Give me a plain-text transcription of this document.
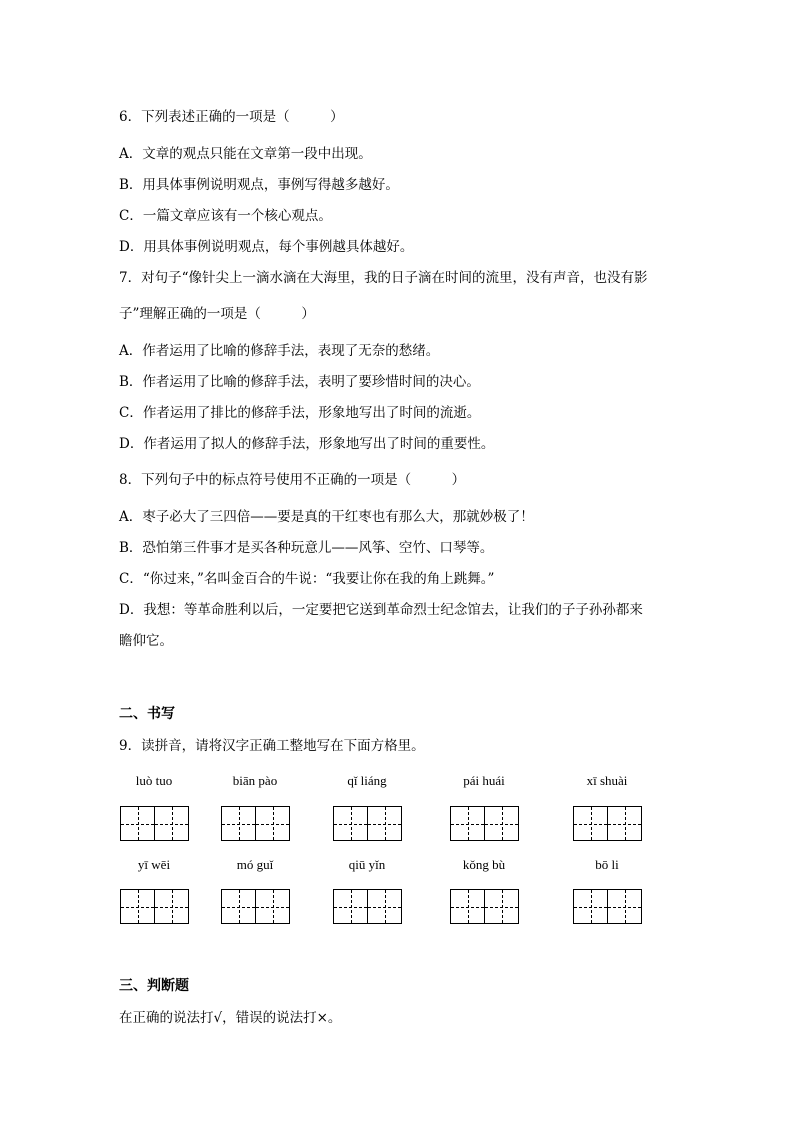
6．下列表述正确的一项是（　　　）
A．文章的观点只能在文章第一段中出现。
B．用具体事例说明观点，事例写得越多越好。
C．一篇文章应该有一个核心观点。
D．用具体事例说明观点，每个事例越具体越好。
7．对句子“像针尖上一滴水滴在大海里，我的日子滴在时间的流里，没有声音，也没有影
子”理解正确的一项是（　　　）
A．作者运用了比喻的修辞手法，表现了无奈的愁绪。
B．作者运用了比喻的修辞手法，表明了要珍惜时间的决心。
C．作者运用了排比的修辞手法，形象地写出了时间的流逝。
D．作者运用了拟人的修辞手法，形象地写出了时间的重要性。
8．下列句子中的标点符号使用不正确的一项是（　　　）
A．枣子必大了三四倍——要是真的干红枣也有那么大，那就妙极了！
B．恐怕第三件事才是买各种玩意儿——风筝、空竹、口琴等。
C．“你过来，”名叫金百合的牛说：“我要让你在我的角上跳舞。”
D．我想：等革命胜利以后，一定要把它送到革命烈士纪念馆去，让我们的子子孙孙都来
瞻仰它。
二、书写
9．读拼音，请将汉字正确工整地写在下面方格里。
luò tuo	biān pào	qǐ liáng	pái huái	xī shuài
yī wēi	mó guǐ	qiū yǐn	kǒng bù	bō li
三、判断题
在正确的说法打√，错误的说法打×。
